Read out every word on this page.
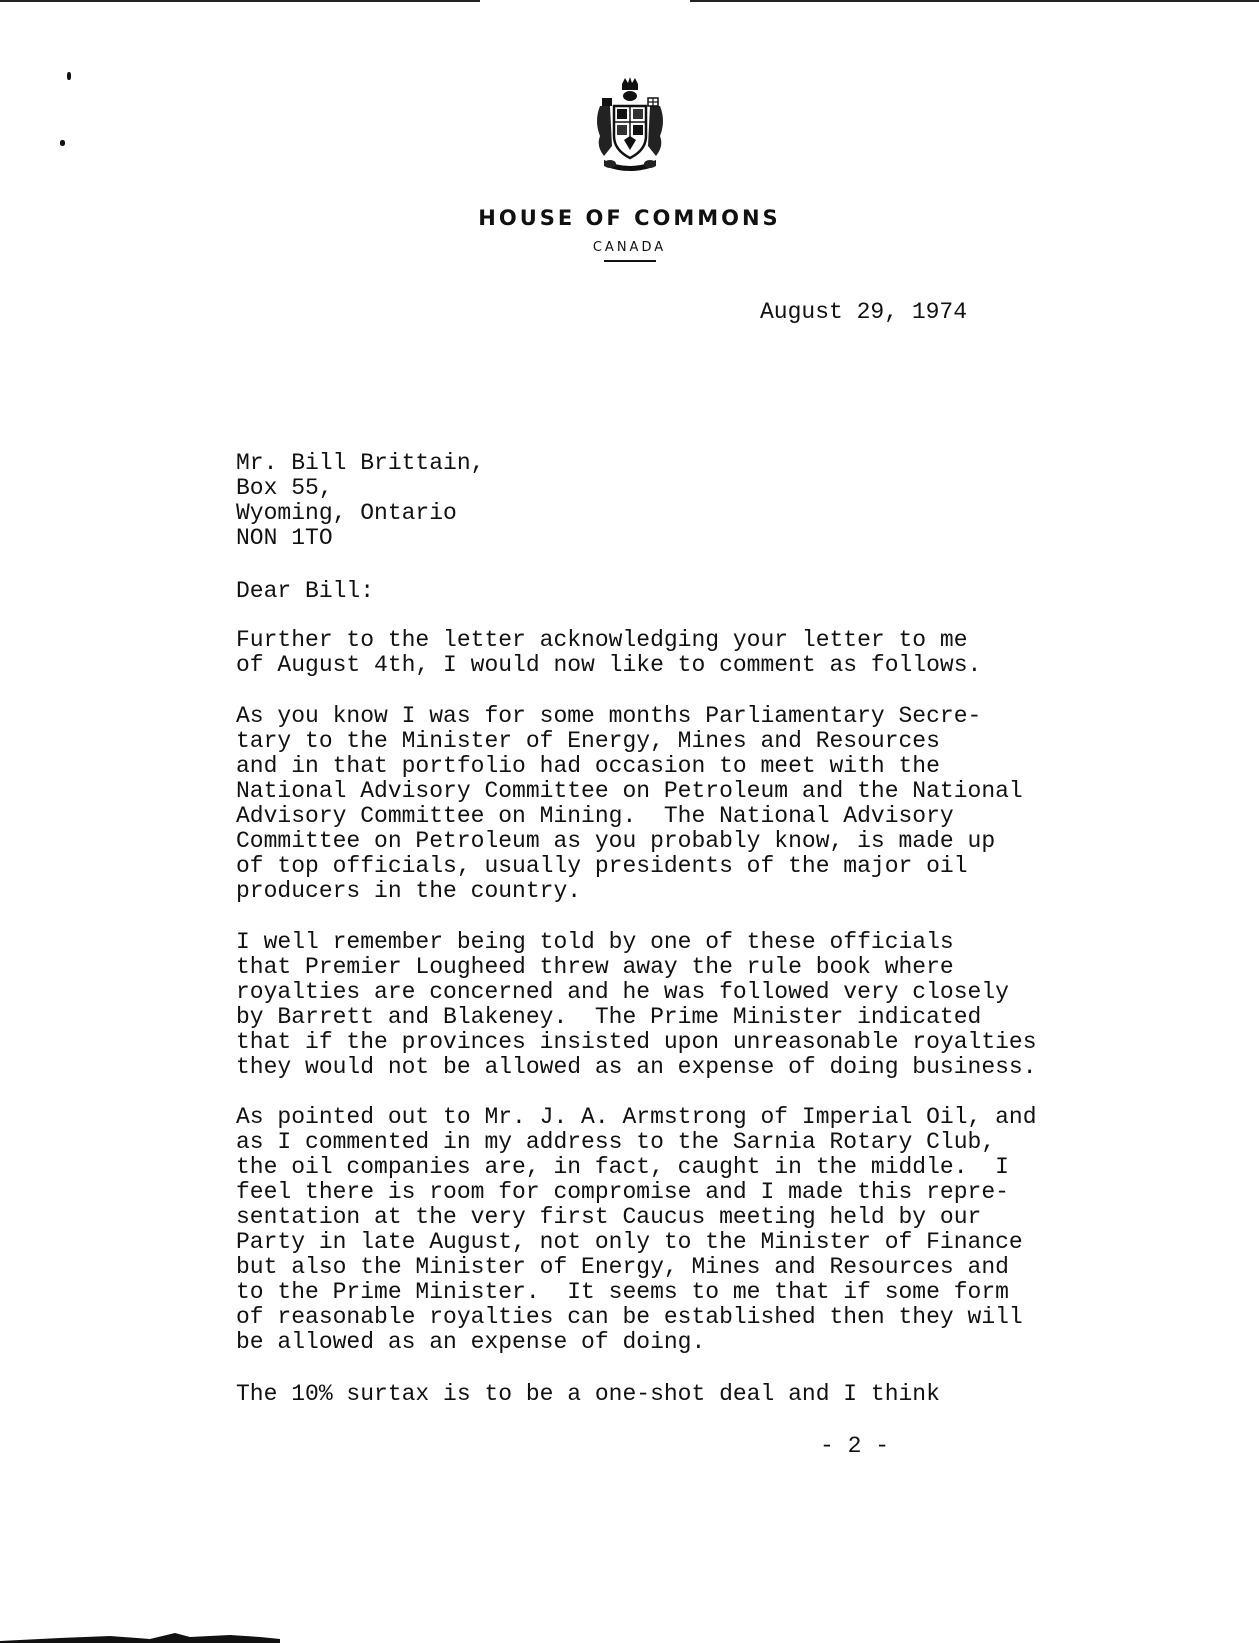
HOUSE OF COMMONS
CANADA
August 29, 1974
Mr. Bill Brittain,
Box 55,
Wyoming, Ontario
NON 1TO
Dear Bill:
Further to the letter acknowledging your letter to me
of August 4th, I would now like to comment as follows.
As you know I was for some months Parliamentary Secre-
tary to the Minister of Energy, Mines and Resources
and in that portfolio had occasion to meet with the
National Advisory Committee on Petroleum and the National
Advisory Committee on Mining.  The National Advisory
Committee on Petroleum as you probably know, is made up
of top officials, usually presidents of the major oil
producers in the country.
I well remember being told by one of these officials
that Premier Lougheed threw away the rule book where
royalties are concerned and he was followed very closely
by Barrett and Blakeney.  The Prime Minister indicated
that if the provinces insisted upon unreasonable royalties
they would not be allowed as an expense of doing business.
As pointed out to Mr. J. A. Armstrong of Imperial Oil, and
as I commented in my address to the Sarnia Rotary Club,
the oil companies are, in fact, caught in the middle.  I
feel there is room for compromise and I made this repre-
sentation at the very first Caucus meeting held by our
Party in late August, not only to the Minister of Finance
but also the Minister of Energy, Mines and Resources and
to the Prime Minister.  It seems to me that if some form
of reasonable royalties can be established then they will
be allowed as an expense of doing.
The 10% surtax is to be a one-shot deal and I think
- 2 -
